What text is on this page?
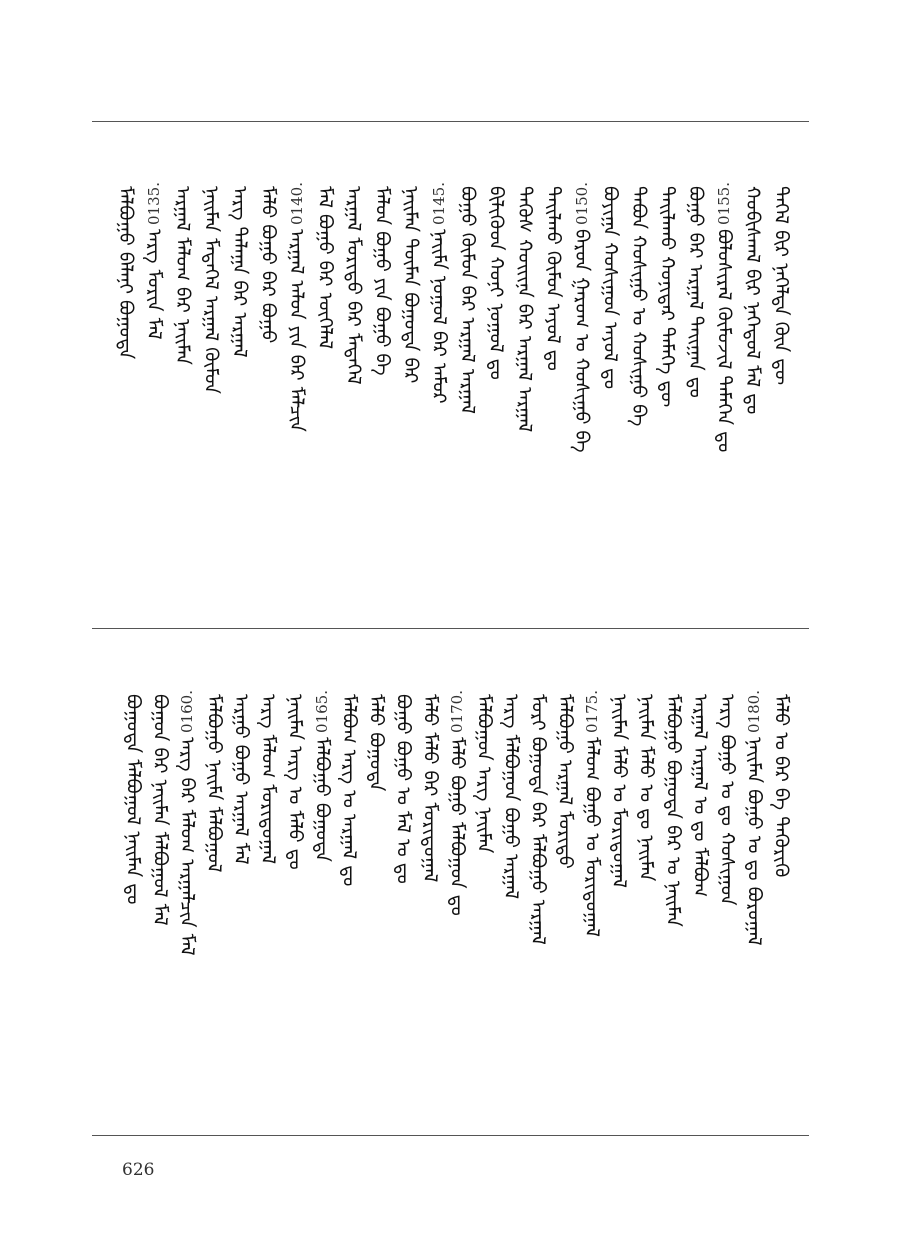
ᠳᠡᠭᠡᠯ ᠪᠢᠷ ᠨᠡᠭᠡᠯᠲᠡ ᠬᠦᠨ ᠳᠦ
ᠬᠤᠪᠢᠰᠬᠠᠯ ᠪᠢᠷ ᠨᠡᠭᠡᠳᠦᠯ ᠮᠠᠯ ᠳᠤ
0155.
ᠪᠣᠯᠣᠰᠢᠷᠠᠯ ᠬᠦᠮᠦᠵᠢᠯ ᠲᠡᠮᠡᠭᠡᠨ ᠳᠤ
ᠪᠣᠭᠣ ᠪᠠᠷ ᠠᠷᠭᠠᠯ ᠲᠠᠢᠭᠠᠨ ᠳᠤ
ᠲᠠᠢᠯᠠᠬᠤ ᠬᠣᠨᠢᠳᠠᠷ ᠲᠡᠮᠡᠭᠡ ᠳᠦ
ᠲᠠᠪᠤᠨ ᠬᠣᠰᠢᠭᠤ ᠤ ᠬᠣᠰᠢᠭᠤ ᠪᠠ
ᠪᠣᠶᠢᠭᠠ ᠬᠣᠰᠢᠭᠤᠨ ᠠᠶᠤᠯ ᠳᠤ
0150.
ᠪᠠᠷᠤᠨ ᠭᠠᠷᠤᠭ ᠤ ᠬᠣᠰᠢᠭᠤ ᠪᠠ
ᠲᠠᠢᠯᠬᠤ ᠬᠦᠮᠦᠨ ᠠᠶᠤᠯ ᠳᠤ
ᠲᠡᠭᠦᠰ ᠬᠣᠢᠢᠨᠠ ᠪᠠᠷ ᠠᠷᠭᠠᠯ ᠠᠷᠭᠠᠯ
ᠪᠢᠯᠢᠭᠦᠦᠨ ᠬᠣᠨᠢ ᠨᠤᠭᠤᠯ ᠳᠤ
ᠪᠣᠭᠣ ᠬᠦᠮᠦᠨ ᠪᠠᠷ ᠠᠷᠭᠠᠯ ᠠᠷᠭᠠᠯ
0145.
ᠨᠠᠢᠮᠠ ᠨᠤᠭᠤᠯ ᠪᠠᠷ ᠠᠮᠤᠷ
ᠨᠠᠢᠮᠠᠨ ᠲᠦᠮᠡᠨ ᠪᠣᠭᠣᠳᠠ ᠪᠠᠷ
ᠮᠠᠯᠤᠨ ᠪᠣᠭᠤ ᠶᠢᠨ ᠪᠣᠭᠣ ᠪᠠ
ᠠᠷᠭᠠᠯ ᠮᠣᠷᠢᠳᠤ ᠪᠠᠷ ᠮᠡᠳᠡᠭᠡᠯ
ᠮᠠᠯ ᠪᠣᠭᠣ ᠪᠠᠷ ᠦᠭᠡᠯᠡᠯ
0140.
ᠠᠷᠭᠠᠯ ᠠᠯᠤᠨ ᠶᠢᠨ ᠪᠠᠷ ᠮᠠᠯᠴᠢᠨ
ᠮᠠᠯᠤ ᠪᠣᠭᠣ ᠪᠠᠷ ᠪᠣᠭᠣ
ᠠᠷᠭ ᠲᠠᠯᠠᠭᠠ ᠪᠠᠷ ᠠᠷᠭᠠᠯ
ᠨᠠᠢᠮᠠᠨ ᠮᠡᠳᠡᠭᠡᠯ ᠠᠷᠭᠠᠯ ᠬᠦᠮᠦᠨ
ᠠᠷᠭᠠᠯ ᠮᠠᠯᠤᠭ ᠪᠠᠷ ᠨᠠᠢᠮᠠᠨ
0135.
ᠠᠷᠭ ᠮᠣᠷᠢᠨ ᠮᠠᠯ
ᠮᠠᠯᠪᠣᠭᠣ ᠪᠠᠯᠠᠨᠢ ᠪᠣᠭᠣᠳᠠ
ᠮᠠᠯᠤ ᠤ ᠪᠠᠷ ᠪᠠ ᠲᠡᠭᠦᠷᠢᠭᠦ
0180.
ᠨᠠᠢᠮᠠᠨ ᠪᠣᠭᠣ ᠤ ᠳᠤ ᠪᠣᠷᠣᠭᠠᠯ
ᠠᠷᠭ ᠪᠣᠭᠣ ᠤ ᠳᠤ ᠬᠣᠰᠢᠭᠤᠨ
ᠠᠷᠭᠠᠯ ᠠᠷᠭᠠᠯ ᠤ ᠳᠤ ᠮᠠᠯᠪᠣᠭ
ᠮᠠᠯᠪᠣᠭᠣ ᠪᠣᠭᠣᠳᠠ ᠪᠠᠷ ᠤ ᠨᠠᠢᠮᠠᠨ
ᠨᠠᠢᠮᠠᠨ ᠮᠠᠯᠤ ᠤ ᠳᠤ ᠨᠠᠢᠮᠠᠨ
ᠨᠠᠢᠮᠠᠨ ᠮᠠᠯᠤ ᠤ ᠮᠣᠷᠢᠳᠤᠭᠠᠯ
0175.
ᠮᠠᠯᠤᠭ ᠪᠣᠭᠣ ᠤ ᠮᠣᠷᠢᠳᠤᠭᠠᠯ
ᠮᠠᠯᠪᠣᠭᠣ ᠠᠷᠭᠠᠯ ᠮᠣᠷᠢᠳᠤ
ᠮᠣᠷᠢ ᠪᠣᠭᠣᠳᠠ ᠪᠠᠷ ᠮᠠᠯᠪᠣᠭᠣ ᠠᠷᠭᠠᠯ
ᠠᠷᠭ ᠮᠠᠯᠪᠣᠭᠣᠨ ᠪᠣᠭᠣ ᠠᠷᠭᠠᠯ
ᠮᠠᠯᠪᠣᠭᠣᠨ ᠠᠷᠭ ᠨᠠᠢᠮᠠᠨ
0170.
ᠮᠠᠯᠤ ᠪᠣᠭᠣ ᠮᠠᠯᠪᠣᠭᠣᠨ ᠳᠤ
ᠮᠠᠯᠤ ᠮᠠᠯᠤ ᠪᠠᠷ ᠮᠣᠷᠢᠳᠤᠭᠠᠯ
ᠪᠣᠭᠣ ᠪᠣᠭᠣ ᠤ ᠮᠠᠯ ᠤ ᠳᠤ
ᠮᠠᠯᠤ ᠪᠣᠭᠣᠳᠠ
ᠮᠠᠯᠪᠣᠭ ᠠᠷᠭ ᠤ ᠠᠷᠭᠠᠯ ᠳᠤ
0165.
ᠮᠠᠯᠪᠣᠭᠣ ᠪᠣᠭᠣᠳᠠ
ᠨᠠᠢᠮᠠᠨ ᠠᠷᠭ ᠤ ᠮᠠᠯᠤ ᠳᠤ
ᠠᠷᠭ ᠮᠠᠯᠤᠭ ᠮᠣᠷᠢᠳᠤᠭᠠᠯ
ᠠᠷᠭᠤ ᠪᠣᠭᠣ ᠠᠷᠭᠠᠯ ᠮᠠᠯ
ᠮᠠᠯᠪᠣᠭᠣ ᠨᠠᠢᠮᠠ ᠮᠠᠯᠪᠣᠭᠣᠯ
0160.
ᠠᠷᠭ ᠪᠠᠷ ᠮᠠᠯᠤᠭ ᠠᠷᠭᠠᠯᠴᠢᠨ ᠮᠠᠯ
ᠪᠣᠭᠣᠨ ᠪᠠᠷ ᠨᠠᠢᠮᠠᠨ ᠮᠠᠯᠪᠣᠭᠣᠯ ᠮᠠᠯ
ᠪᠣᠭᠣᠳᠠ ᠮᠠᠯᠪᠣᠭᠣᠯ ᠨᠠᠢᠮᠠᠨ ᠳᠤ
626
